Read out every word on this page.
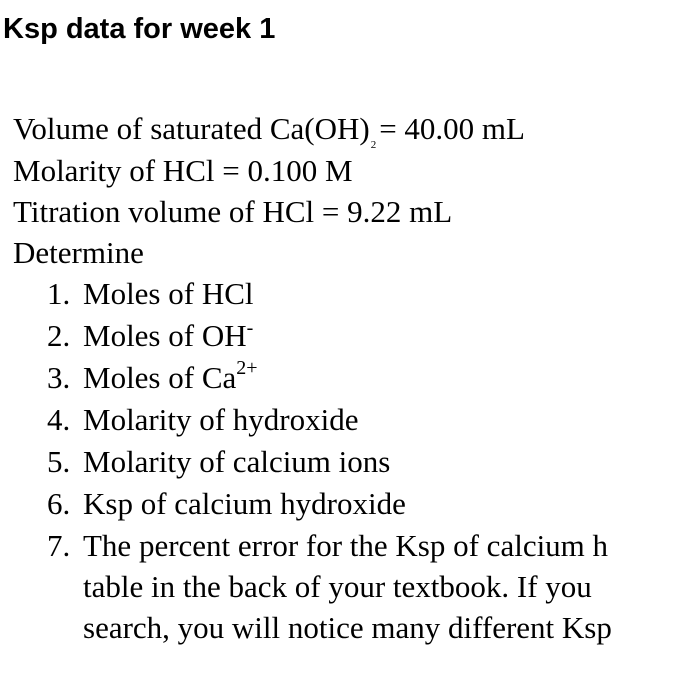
Ksp data for week 1
Volume of saturated $Ca(OH)_2= 40.00$ mL
Molarity of HCl = 0.100 M
Titration volume of HCl = 9.22 mL
Determine
1. Moles of HCl
2. Moles of OH-
3. Moles of $Ca^{2+}$
4. Molarity of hydroxide
5. Molarity of calcium ions
6. Ksp of calcium hydroxide
7. The percent error for the Ksp of calcium h
table in the back of your textbook. If you
search, you will notice many different Ksp
